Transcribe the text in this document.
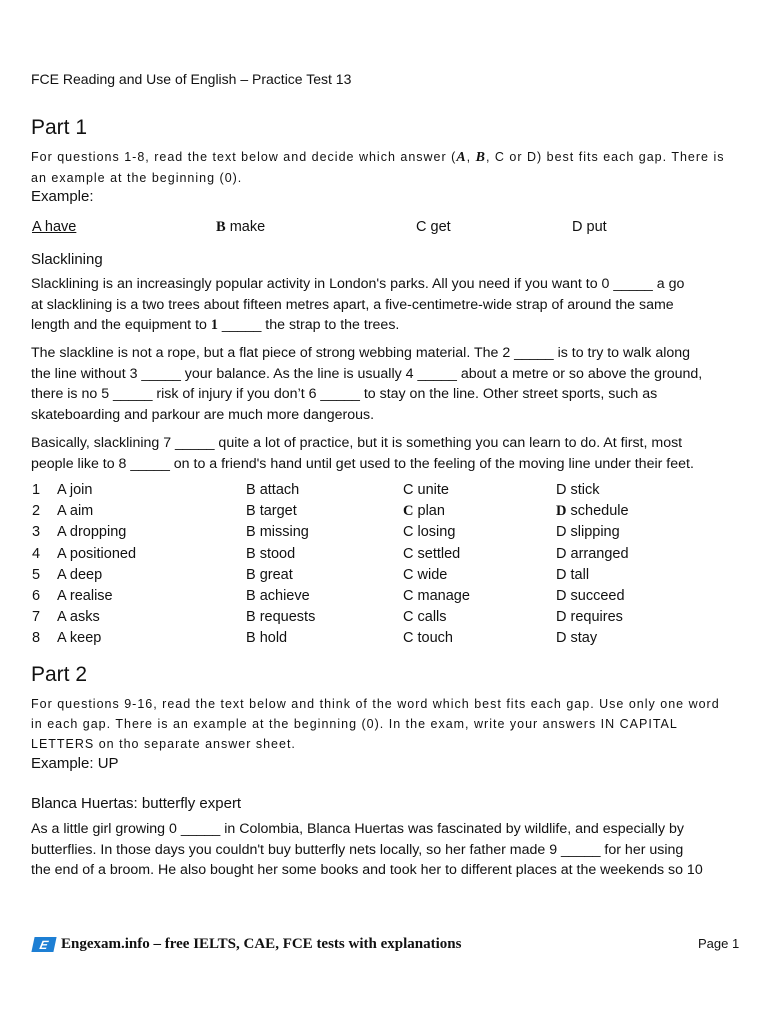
FCE Reading and Use of English – Practice Test 13
Part 1
For questions 1-8, read the text below and decide which answer (A, B, C or D) best fits each gap. There is
an example at the beginning (0).
Example:
A have	B make	C get	D put
Slacklining
Slacklining is an increasingly popular activity in London's parks. All you need if you want to 0 _____ a go
at slacklining is a two trees about fifteen metres apart, a five-centimetre-wide strap of around the same
length and the equipment to 1 _____ the strap to the trees.
The slackline is not a rope, but a flat piece of strong webbing material. The 2 _____ is to try to walk along
the line without 3 _____ your balance. As the line is usually 4 _____ about a metre or so above the ground,
there is no 5 _____ risk of injury if you don’t 6 _____ to stay on the line. Other street sports, such as
skateboarding and parkour are much more dangerous.
Basically, slacklining 7 _____ quite a lot of practice, but it is something you can learn to do. At first, most
people like to 8 _____ on to a friend's hand until get used to the feeling of the moving line under their feet.
1 A join	B attach	C unite	D stick
2 A aim	B target	C plan	D schedule
3 A dropping	B missing	C losing	D slipping
4 A positioned	B stood	C settled	D arranged
5 A deep	B great	C wide	D tall
6 A realise	B achieve	C manage	D succeed
7 A asks	B requests	C calls	D requires
8 A keep	B hold	C touch	D stay
Part 2
For questions 9-16, read the text below and think of the word which best fits each gap. Use only one word
in each gap. There is an example at the beginning (0). In the exam, write your answers IN CAPITAL
LETTERS on tho separate answer sheet.
Example: UP
Blanca Huertas: butterfly expert
As a little girl growing 0 _____ in Colombia, Blanca Huertas was fascinated by wildlife, and especially by
butterflies. In those days you couldn't buy butterfly nets locally, so her father made 9 _____ for her using
the end of a broom. He also bought her some books and took her to different places at the weekends so 10
E Engexam.info – free IELTS, CAE, FCE tests with explanations	Page 1
